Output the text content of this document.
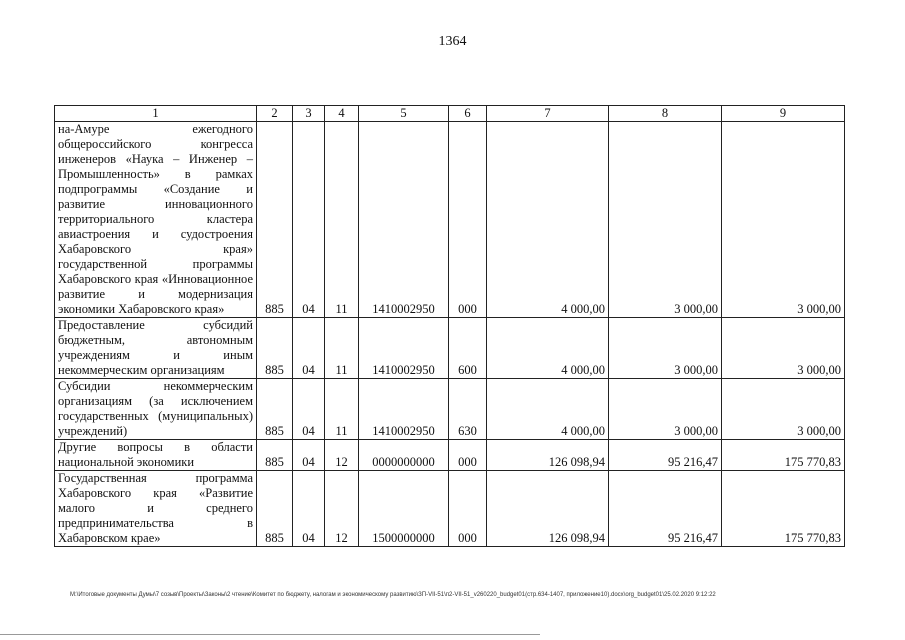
1364
1	2	3	4	5	6	7	8	9
на-Амуре ежегодного общероссийского конгресса инженеров «Наука – Инженер – Промышленность» в рамках подпрограммы «Создание и развитие инновационного территориального кластера авиастроения и судостроения Хабаровского края» государственной программы Хабаровского края «Инновационное развитие и модернизация экономики Хабаровского края»	885	04	11	1410002950	000	4 000,00	3 000,00	3 000,00
Предоставление субсидий бюджетным, автономным учреждениям и иным некоммерческим организациям	885	04	11	1410002950	600	4 000,00	3 000,00	3 000,00
Субсидии некоммерческим организациям (за исключением государственных (муниципальных) учреждений)	885	04	11	1410002950	630	4 000,00	3 000,00	3 000,00
Другие вопросы в области национальной экономики	885	04	12	0000000000	000	126 098,94	95 216,47	175 770,83
Государственная программа Хабаровского края «Развитие малого и среднего предпринимательства в Хабаровском крае»	885	04	12	1500000000	000	126 098,94	95 216,47	175 770,83
M:\Итоговые документы Думы\7 созыв\Проекты\Законы\2 чтение\Комитет по бюджету, налогам и экономическому развитию\ЗП-VII-51\п2-VII-51_v260220_budget01(стр.634-1407, приложение10).docx\org_budget01\25.02.2020 9:12:22
